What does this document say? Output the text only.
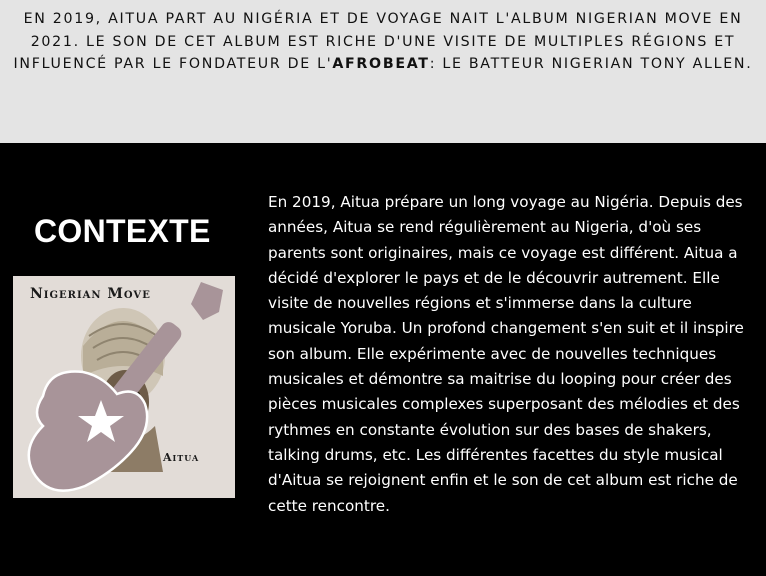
EN 2019, AITUA PART AU NIGÉRIA ET DE VOYAGE NAIT L'ALBUM NIGERIAN MOVE EN 2021. LE SON DE CET ALBUM EST RICHE D'UNE VISITE DE MULTIPLES RÉGIONS ET INFLUENCÉ PAR LE FONDATEUR DE L'AFROBEAT: LE BATTEUR NIGERIAN TONY ALLEN.

CONTEXTE
Nigerian Move
Aitua

En 2019, Aitua prépare un long voyage au Nigéria. Depuis des années, Aitua se rend régulièrement au Nigeria, d'où ses parents sont originaires, mais ce voyage est différent. Aitua a décidé d'explorer le pays et de le découvrir autrement. Elle visite de nouvelles régions et s'immerse dans la culture musicale Yoruba. Un profond changement s'en suit et il inspire son album. Elle expérimente avec de nouvelles techniques musicales et démontre sa maitrise du looping pour créer des pièces musicales complexes superposant des mélodies et des rythmes en constante évolution sur des bases de shakers, talking drums, etc. Les différentes facettes du style musical d'Aitua se rejoignent enfin et le son de cet album est riche de cette rencontre.
